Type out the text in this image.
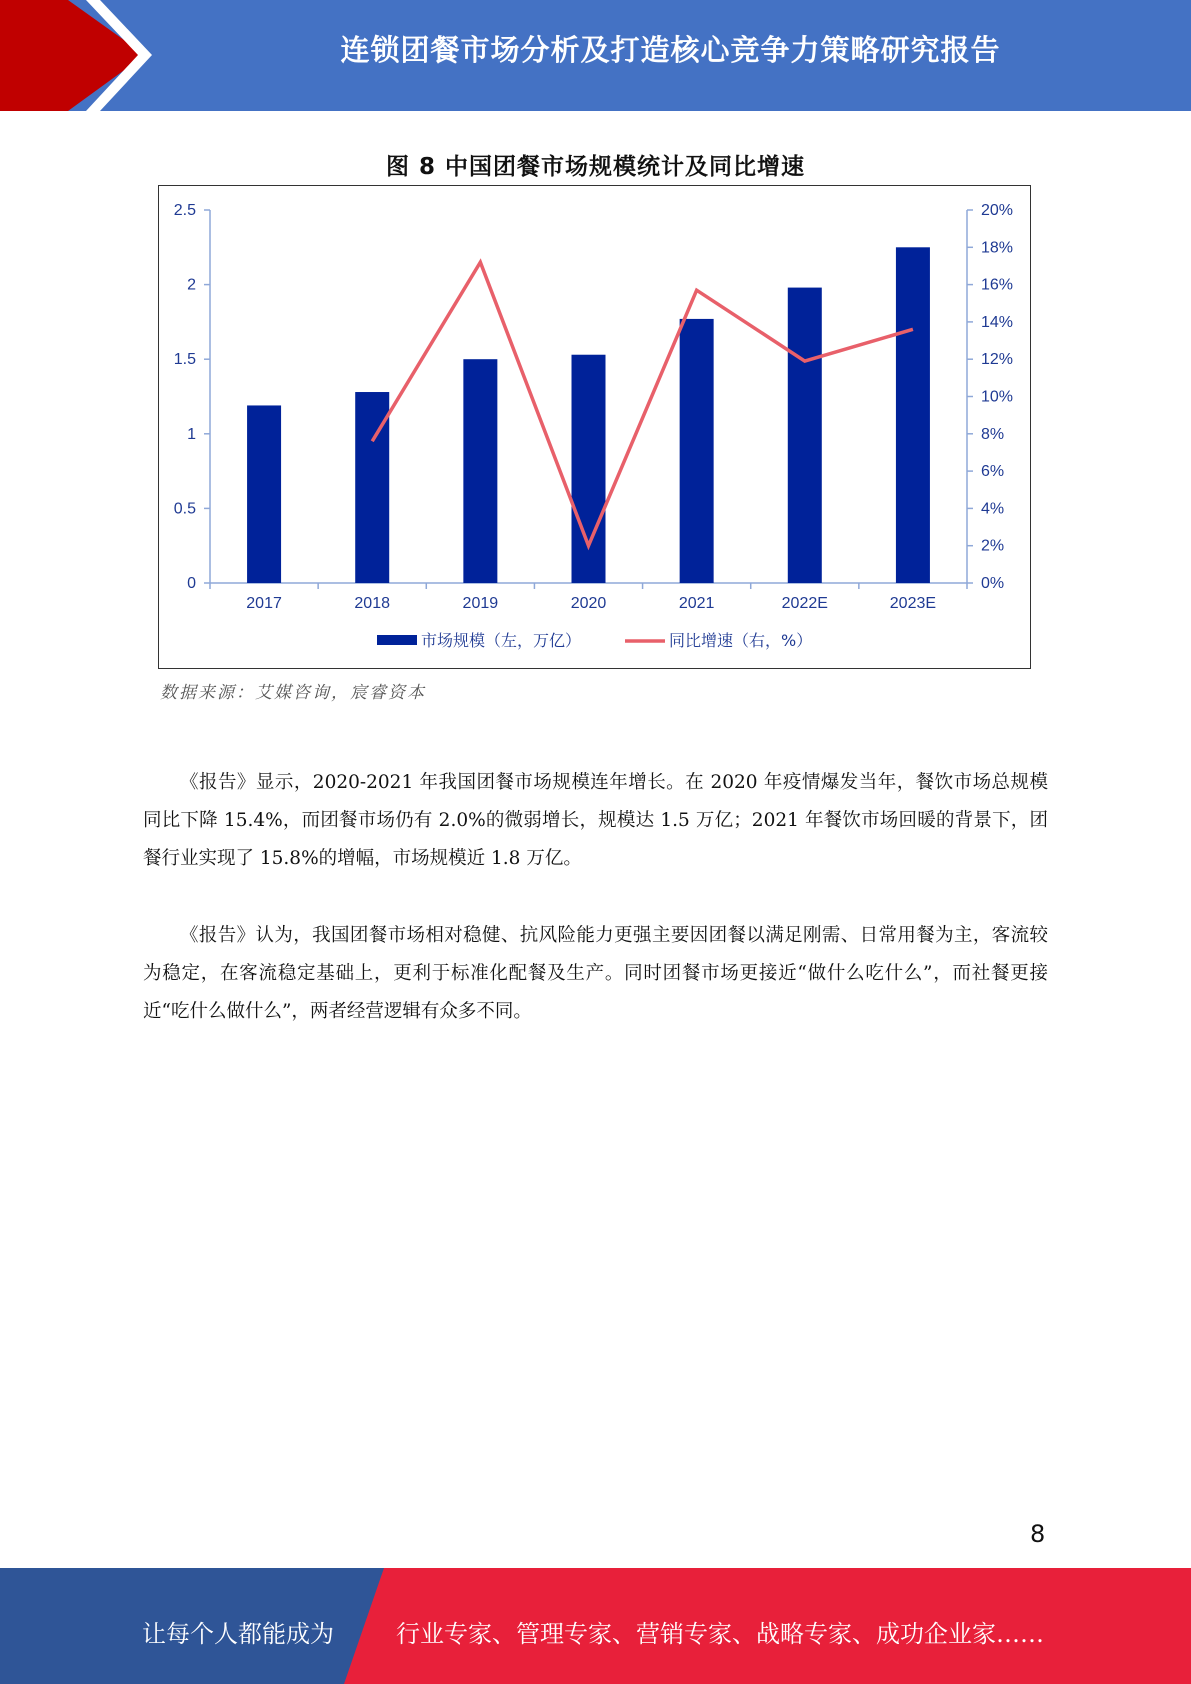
连锁团餐市场分析及打造核心竞争力策略研究报告
图 8 中国团餐市场规模统计及同比增速
0
0.5
1
1.5
2
2.5
0%
2%
4%
6%
8%
10%
12%
14%
16%
18%
20%
2017	2018	2019	2020	2021	2022E	2023E
市场规模（左，万亿）	同比增速（右，%）
数据来源：艾媒咨询，宸睿资本

《报告》显示，2020-2021 年我国团餐市场规模连年增长。在 2020 年疫情爆发当年，餐饮市场总规模同比下降 15.4%，而团餐市场仍有 2.0%的微弱增长，规模达 1.5 万亿；2021 年餐饮市场回暖的背景下，团餐行业实现了 15.8%的增幅，市场规模近 1.8 万亿。

《报告》认为，我国团餐市场相对稳健、抗风险能力更强主要因团餐以满足刚需、日常用餐为主，客流较为稳定，在客流稳定基础上，更利于标准化配餐及生产。同时团餐市场更接近“做什么吃什么”，而社餐更接近“吃什么做什么”，两者经营逻辑有众多不同。

8
让每个人都能成为	行业专家、管理专家、营销专家、战略专家、成功企业家……
